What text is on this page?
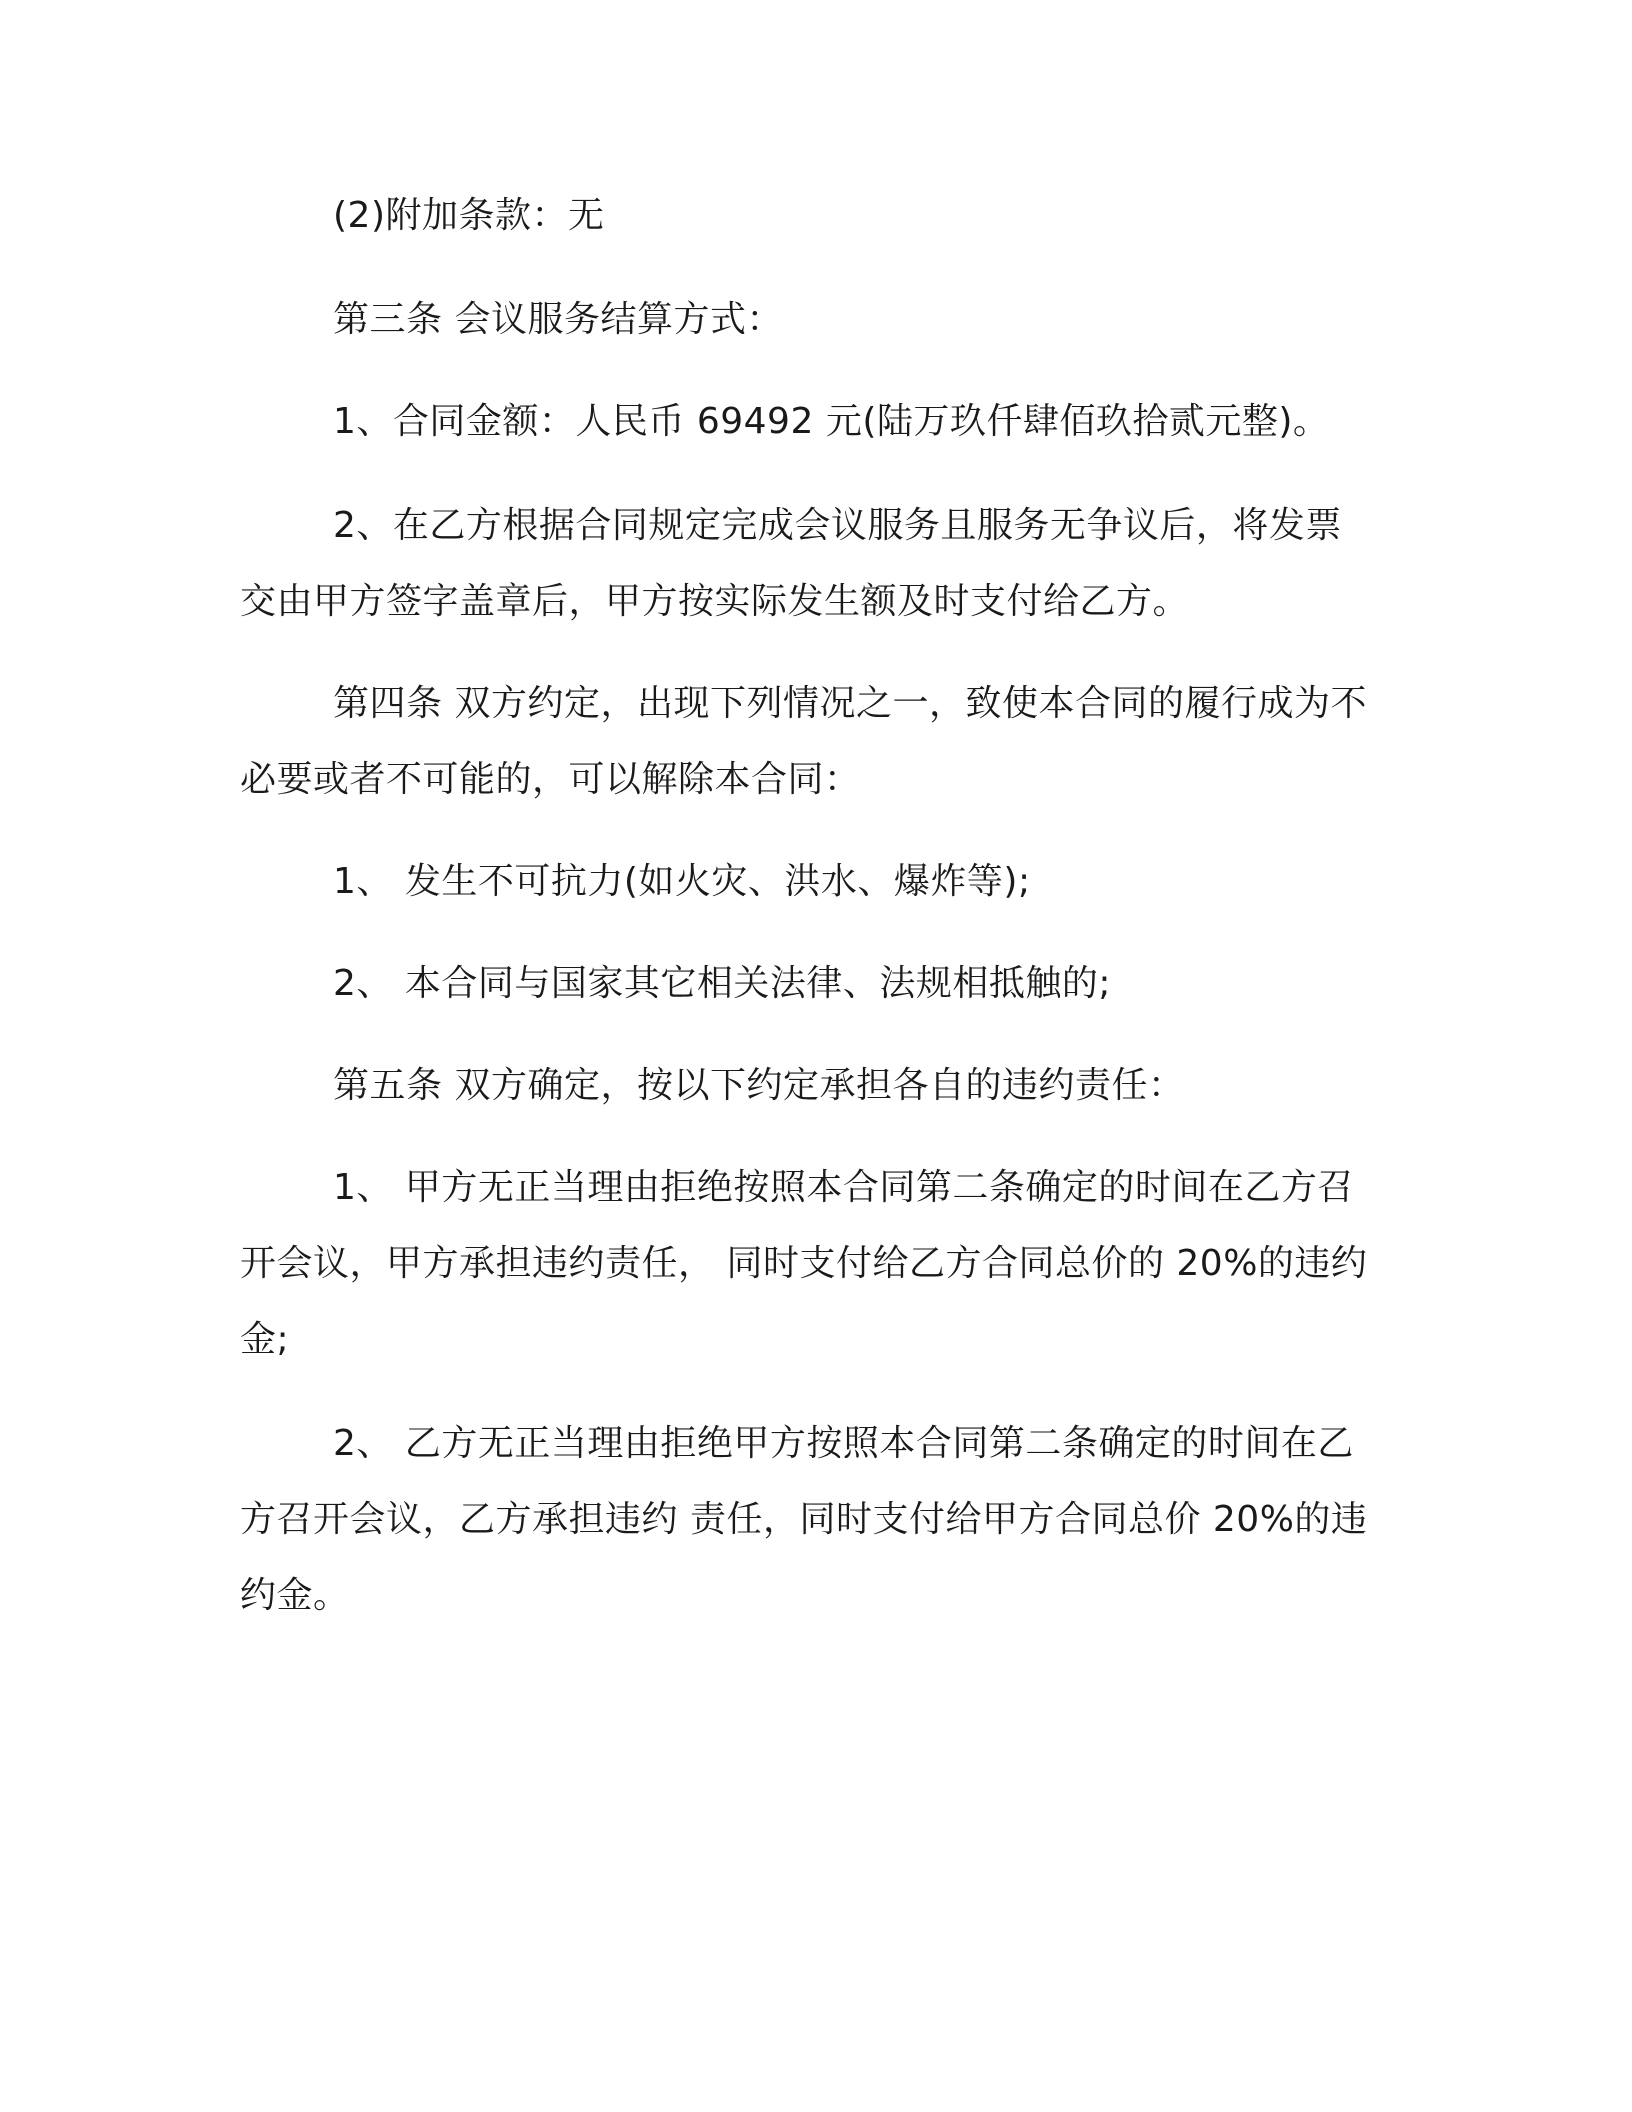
(2)附加条款：无
第三条 会议服务结算方式：
1、合同金额：人民币 69492 元(陆万玖仟肆佰玖拾贰元整)。
2、在乙方根据合同规定完成会议服务且服务无争议后，将发票
交由甲方签字盖章后，甲方按实际发生额及时支付给乙方。
第四条 双方约定，出现下列情况之一，致使本合同的履行成为不
必要或者不可能的，可以解除本合同：
1、 发生不可抗力(如火灾、洪水、爆炸等);
2、 本合同与国家其它相关法律、法规相抵触的;
第五条 双方确定，按以下约定承担各自的违约责任：
1、 甲方无正当理由拒绝按照本合同第二条确定的时间在乙方召
开会议，甲方承担违约责任， 同时支付给乙方合同总价的 20%的违约
金;
2、 乙方无正当理由拒绝甲方按照本合同第二条确定的时间在乙
方召开会议，乙方承担违约 责任，同时支付给甲方合同总价 20%的违
约金。
